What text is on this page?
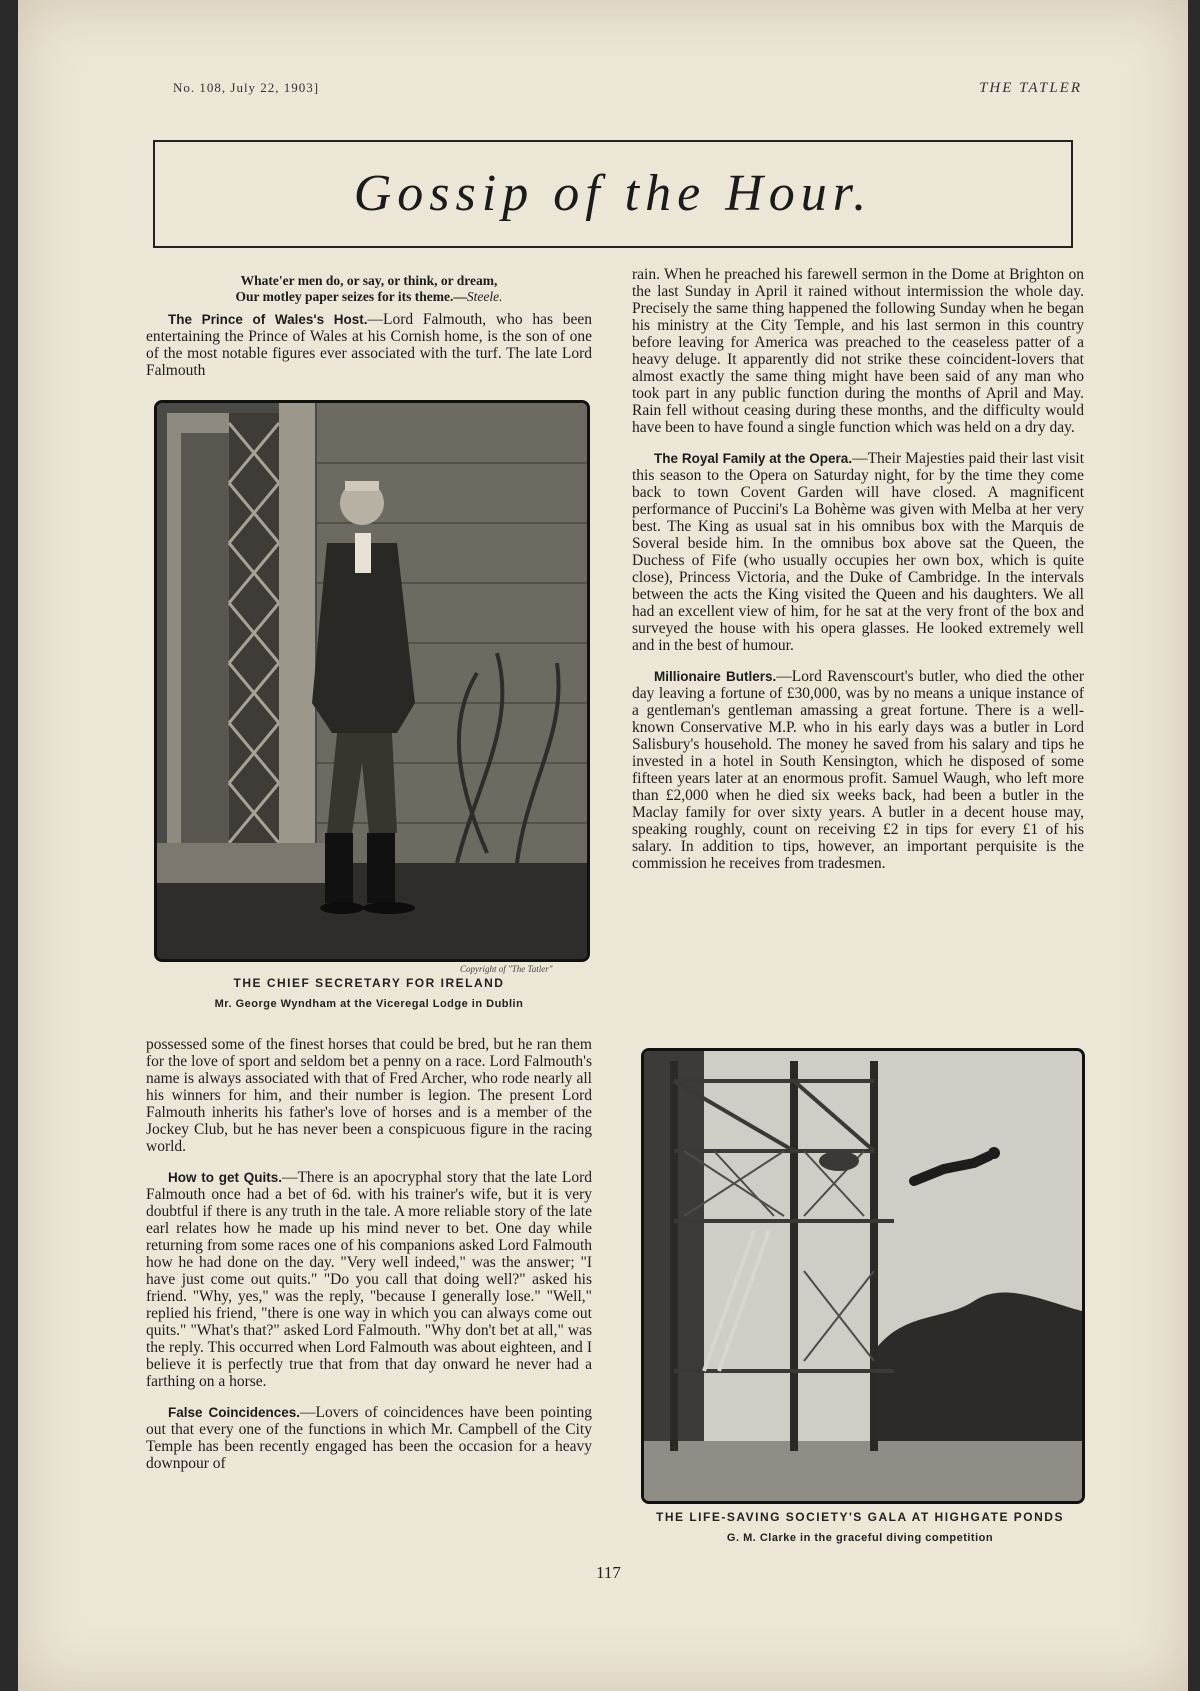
No. 108, July 22, 1903]	THE TATLER
Gossip of the Hour.
Whate'er men do, or say, or think, or dream,
Our motley paper seizes for its theme.—Steele.

The Prince of Wales's Host.—Lord Falmouth, who has been entertaining the Prince of Wales at his Cornish home, is the son of one of the most notable figures ever associated with the turf. The late Lord Falmouth

Copyright of "The Tatler"
THE CHIEF SECRETARY FOR IRELAND
Mr. George Wyndham at the Viceregal Lodge in Dublin

possessed some of the finest horses that could be bred, but he ran them for the love of sport and seldom bet a penny on a race. Lord Falmouth's name is always associated with that of Fred Archer, who rode nearly all his winners for him, and their number is legion. The present Lord Falmouth inherits his father's love of horses and is a member of the Jockey Club, but he has never been a conspicuous figure in the racing world.

How to get Quits.—There is an apocryphal story that the late Lord Falmouth once had a bet of 6d. with his trainer's wife, but it is very doubtful if there is any truth in the tale. A more reliable story of the late earl relates how he made up his mind never to bet. One day while returning from some races one of his companions asked Lord Falmouth how he had done on the day. "Very well indeed," was the answer; "I have just come out quits." "Do you call that doing well?" asked his friend. "Why, yes," was the reply, "because I generally lose." "Well," replied his friend, "there is one way in which you can always come out quits." "What's that?" asked Lord Falmouth. "Why don't bet at all," was the reply. This occurred when Lord Falmouth was about eighteen, and I believe it is perfectly true that from that day onward he never had a farthing on a horse.

False Coincidences.—Lovers of coincidences have been pointing out that every one of the functions in which Mr. Campbell of the City Temple has been recently engaged has been the occasion for a heavy downpour of

rain. When he preached his farewell sermon in the Dome at Brighton on the last Sunday in April it rained without intermission the whole day. Precisely the same thing happened the following Sunday when he began his ministry at the City Temple, and his last sermon in this country before leaving for America was preached to the ceaseless patter of a heavy deluge. It apparently did not strike these coincident-lovers that almost exactly the same thing might have been said of any man who took part in any public function during the months of April and May. Rain fell without ceasing during these months, and the difficulty would have been to have found a single function which was held on a dry day.

The Royal Family at the Opera.—Their Majesties paid their last visit this season to the Opera on Saturday night, for by the time they come back to town Covent Garden will have closed. A magnificent performance of Puccini's La Bohème was given with Melba at her very best. The King as usual sat in his omnibus box with the Marquis de Soveral beside him. In the omnibus box above sat the Queen, the Duchess of Fife (who usually occupies her own box, which is quite close), Princess Victoria, and the Duke of Cambridge. In the intervals between the acts the King visited the Queen and his daughters. We all had an excellent view of him, for he sat at the very front of the box and surveyed the house with his opera glasses. He looked extremely well and in the best of humour.

Millionaire Butlers.—Lord Ravenscourt's butler, who died the other day leaving a fortune of £30,000, was by no means a unique instance of a gentleman's gentleman amassing a great fortune. There is a well-known Conservative M.P. who in his early days was a butler in Lord Salisbury's household. The money he saved from his salary and tips he invested in a hotel in South Kensington, which he disposed of some fifteen years later at an enormous profit. Samuel Waugh, who left more than £2,000 when he died six weeks back, had been a butler in the Maclay family for over sixty years. A butler in a decent house may, speaking roughly, count on receiving £2 in tips for every £1 of his salary. In addition to tips, however, an important perquisite is the commission he receives from tradesmen.

THE LIFE-SAVING SOCIETY'S GALA AT HIGHGATE PONDS
G. M. Clarke in the graceful diving competition
117
